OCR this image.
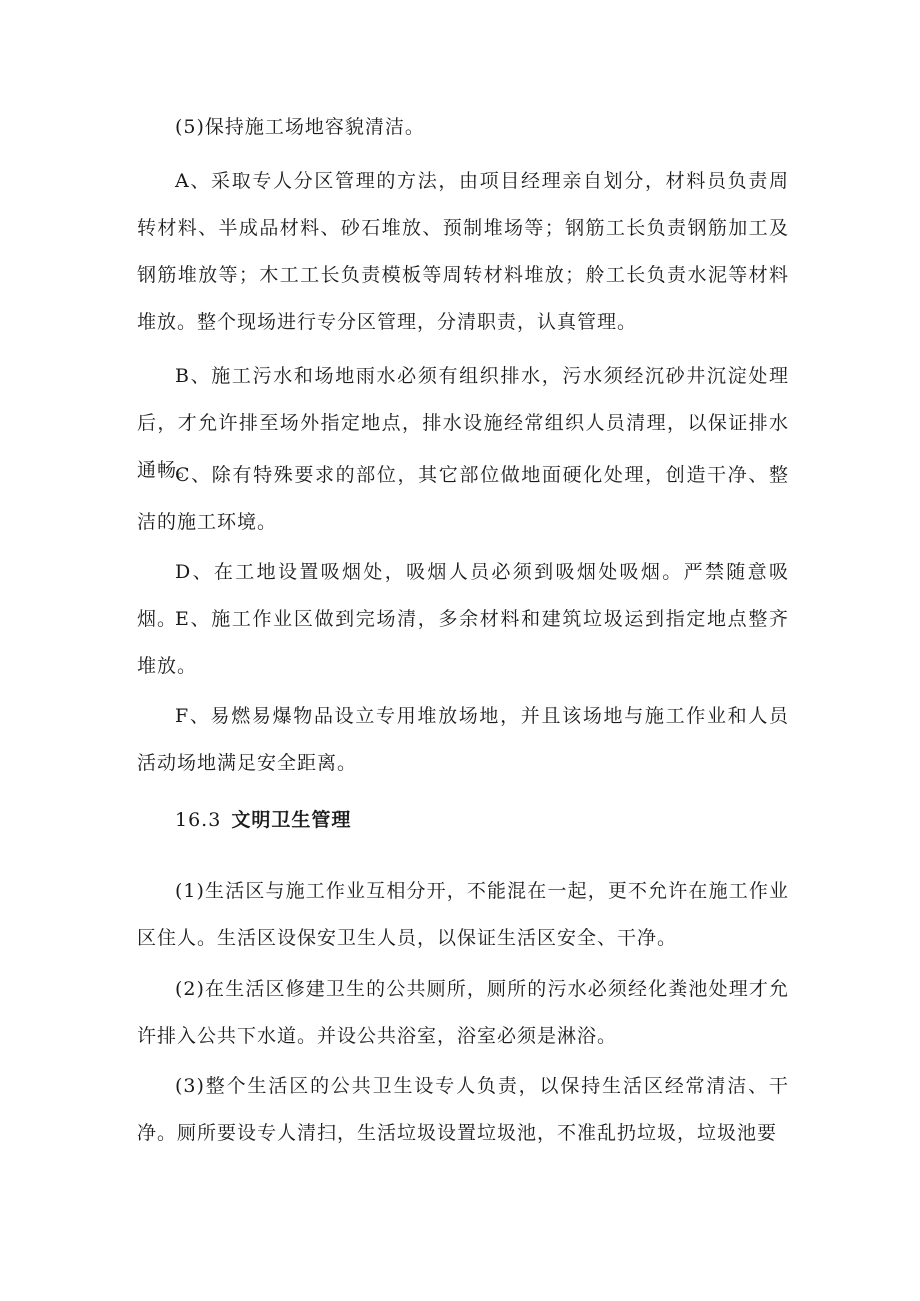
(5)保持施工场地容貌清洁。

A、采取专人分区管理的方法，由项目经理亲自划分，材料员负责周转材料、半成品材料、砂石堆放、预制堆场等；钢筋工长负责钢筋加工及钢筋堆放等；木工工长负责模板等周转材料堆放；舲工长负责水泥等材料堆放。整个现场进行专分区管理，分清职责，认真管理。

B、施工污水和场地雨水必须有组织排水，污水须经沉砂井沉淀处理后，才允许排至场外指定地点，排水设施经常组织人员清理，以保证排水通畅。

C、除有特殊要求的部位，其它部位做地面硬化处理，创造干净、整洁的施工环境。

D、在工地设置吸烟处，吸烟人员必须到吸烟处吸烟。严禁随意吸烟。

E、施工作业区做到完场清，多余材料和建筑垃圾运到指定地点整齐堆放。

F、易燃易爆物品设立专用堆放场地，并且该场地与施工作业和人员活动场地满足安全距离。

16.3 文明卫生管理

(1)生活区与施工作业互相分开，不能混在一起，更不允许在施工作业区住人。生活区设保安卫生人员，以保证生活区安全、干净。

(2)在生活区修建卫生的公共厕所，厕所的污水必须经化粪池处理才允许排入公共下水道。并设公共浴室，浴室必须是淋浴。

(3)整个生活区的公共卫生设专人负责，以保持生活区经常清洁、干净。厕所要设专人清扫，生活垃圾设置垃圾池，不准乱扔垃圾，垃圾池要
